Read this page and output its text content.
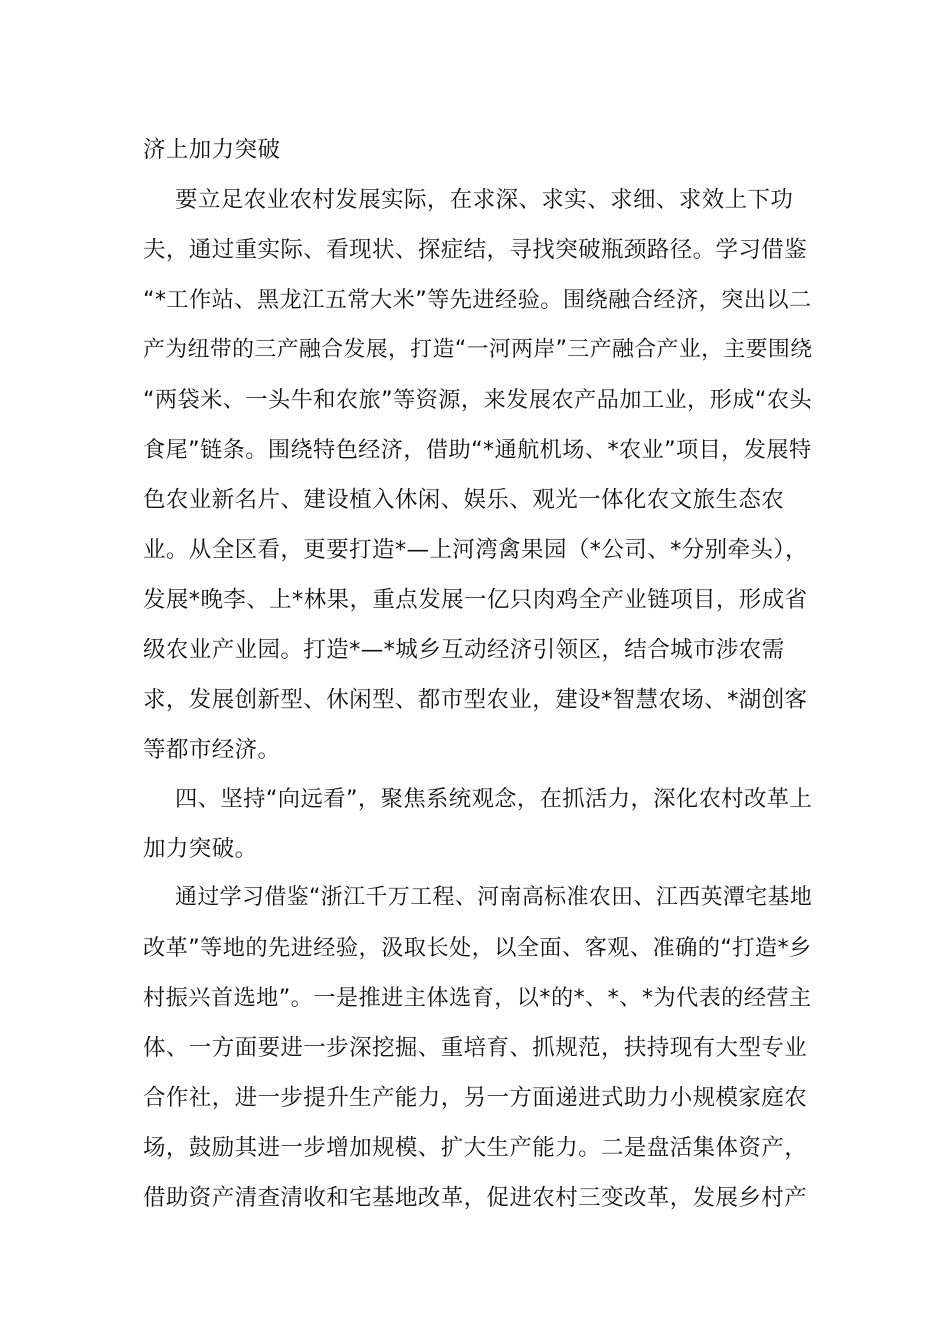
济上加力突破

要立足农业农村发展实际，在求深、求实、求细、求效上下功

夫，通过重实际、看现状、探症结，寻找突破瓶颈路径。学习借鉴

“*工作站、黑龙江五常大米”等先进经验。围绕融合经济，突出以二

产为纽带的三产融合发展，打造“一河两岸”三产融合产业，主要围绕

“两袋米、一头牛和农旅”等资源，来发展农产品加工业，形成“农头

食尾”链条。围绕特色经济，借助“*通航机场、*农业”项目，发展特

色农业新名片、建设植入休闲、娱乐、观光一体化农文旅生态农

业。从全区看，更要打造*—上河湾禽果园（*公司、*分别牵头），

发展*晚李、上*林果，重点发展一亿只肉鸡全产业链项目，形成省

级农业产业园。打造*—*城乡互动经济引领区，结合城市涉农需

求，发展创新型、休闲型、都市型农业，建设*智慧农场、*湖创客

等都市经济。

四、坚持“向远看”，聚焦系统观念，在抓活力，深化农村改革上

加力突破。

通过学习借鉴“浙江千万工程、河南高标准农田、江西英潭宅基地

改革”等地的先进经验，汲取长处，以全面、客观、准确的“打造*乡

村振兴首选地”。一是推进主体选育，以*的*、*、*为代表的经营主

体、一方面要进一步深挖掘、重培育、抓规范，扶持现有大型专业

合作社，进一步提升生产能力，另一方面递进式助力小规模家庭农

场，鼓励其进一步增加规模、扩大生产能力。二是盘活集体资产，

借助资产清查清收和宅基地改革，促进农村三变改革，发展乡村产
